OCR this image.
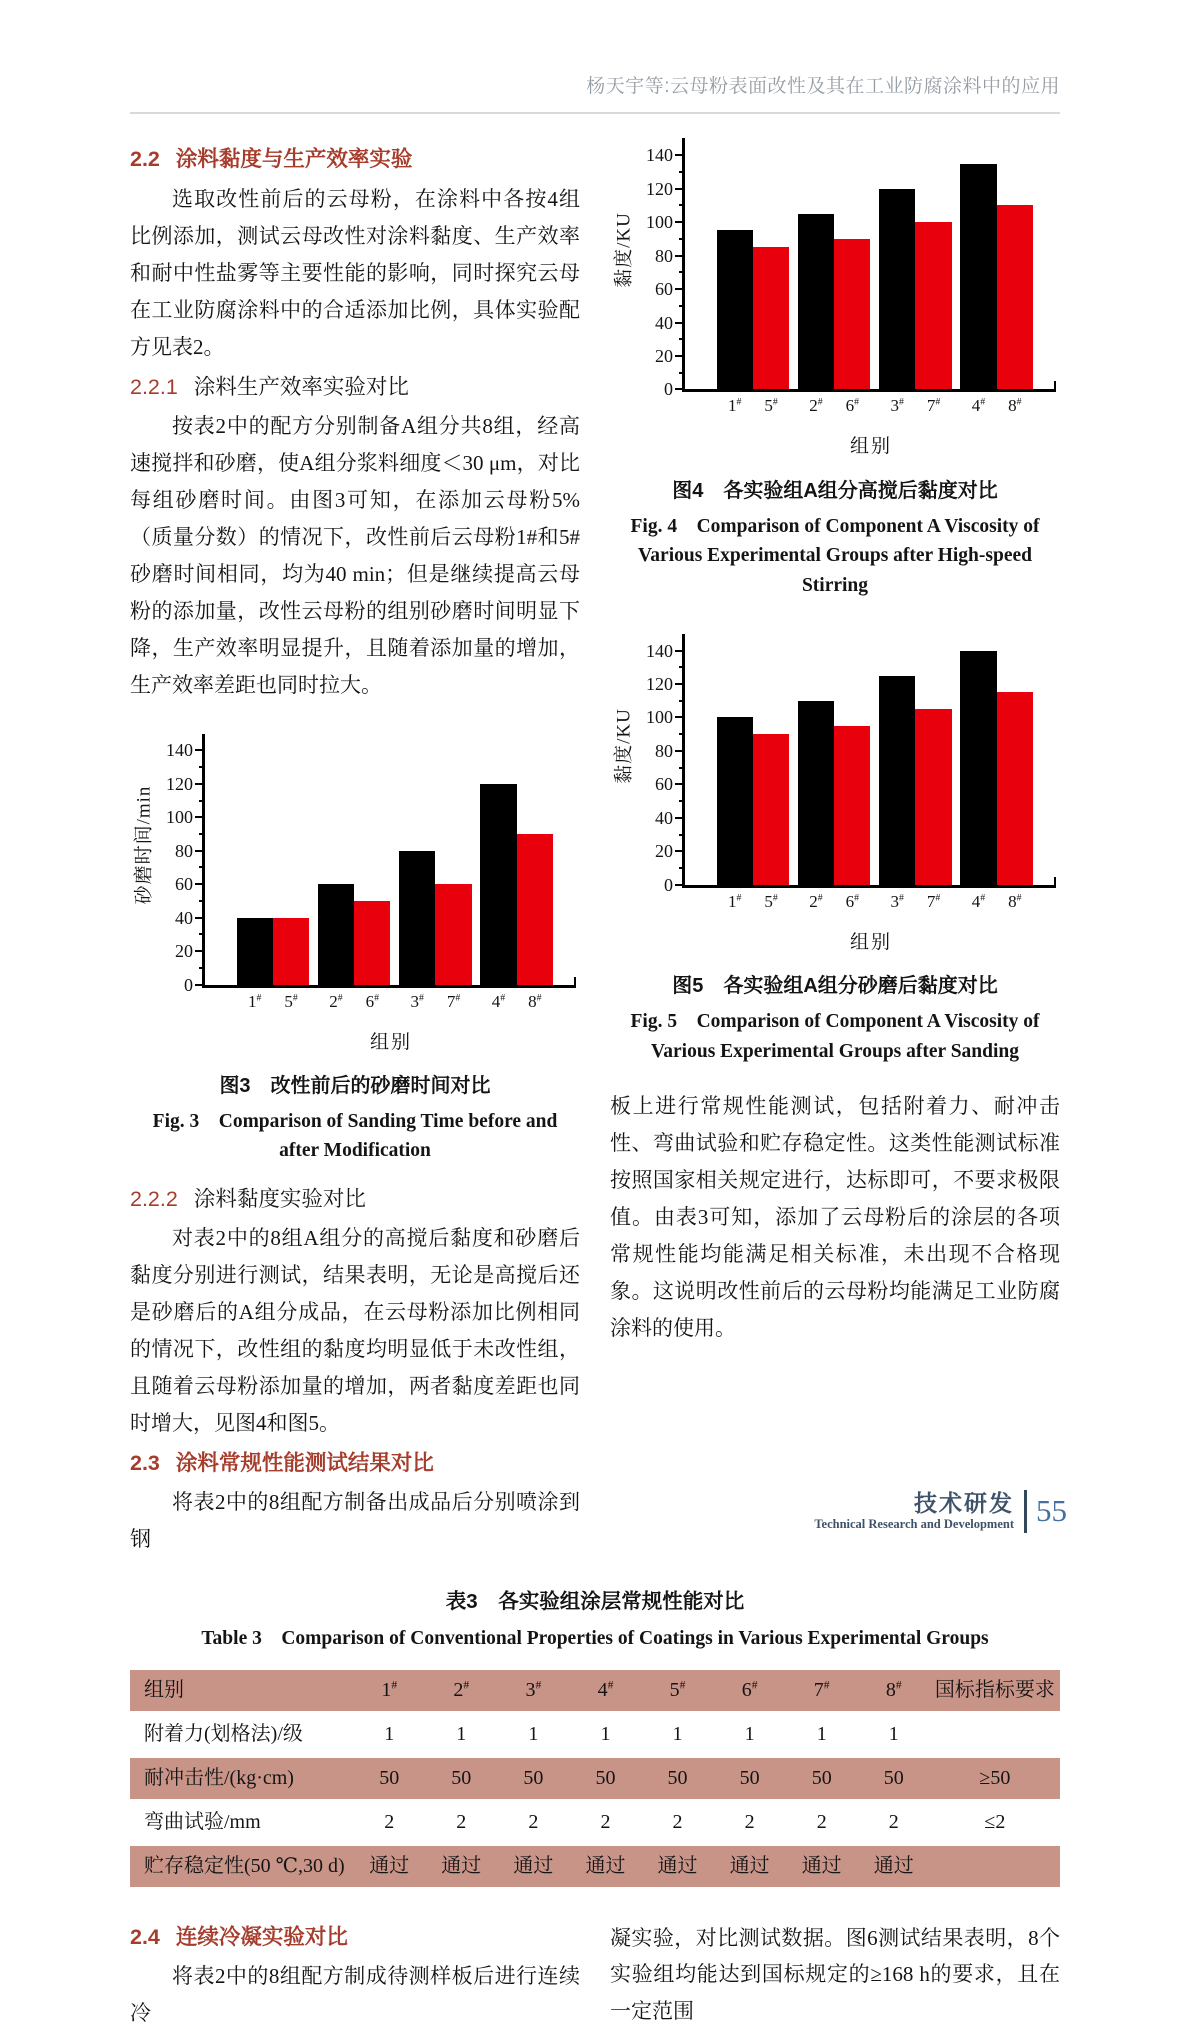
杨天宇等:云母粉表面改性及其在工业防腐涂料中的应用
2.2 涂料黏度与生产效率实验

选取改性前后的云母粉，在涂料中各按4组比例添加，测试云母改性对涂料黏度、生产效率和耐中性盐雾等主要性能的影响，同时探究云母在工业防腐涂料中的合适添加比例，具体实验配方见表2。

2.2.1 涂料生产效率实验对比

按表2中的配方分别制备A组分共8组，经高速搅拌和砂磨，使A组分浆料细度＜30 μm，对比每组砂磨时间。由图3可知，在添加云母粉5%（质量分数）的情况下，改性前后云母粉1#和5#砂磨时间相同，均为40 min；但是继续提高云母粉的添加量，改性云母粉的组别砂磨时间明显下降，生产效率明显提升，且随着添加量的增加，生产效率差距也同时拉大。

砂磨时间/min
0
20
40
60
80
100
120
140
1# 5# 2# 6# 3# 7# 4# 8#
组别
图3　改性前后的砂磨时间对比
Fig. 3　Comparison of Sanding Time before and after Modification
2.2.2 涂料黏度实验对比

对表2中的8组A组分的高搅后黏度和砂磨后黏度分别进行测试，结果表明，无论是高搅后还是砂磨后的A组分成品，在云母粉添加比例相同的情况下，改性组的黏度均明显低于未改性组，且随着云母粉添加量的增加，两者黏度差距也同时增大，见图4和图5。

2.3 涂料常规性能测试结果对比

将表2中的8组配方制备出成品后分别喷涂到钢

黏度/KU
0
20
40
60
80
100
120
140
1# 5# 2# 6# 3# 7# 4# 8#
组别
图4　各实验组A组分高搅后黏度对比
Fig. 4　Comparison of Component A Viscosity of Various Experimental Groups after High-speed Stirring
黏度/KU
0
20
40
60
80
100
120
140
1# 5# 2# 6# 3# 7# 4# 8#
组别
图5　各实验组A组分砂磨后黏度对比
Fig. 5　Comparison of Component A Viscosity of Various Experimental Groups after Sanding

板上进行常规性能测试，包括附着力、耐冲击性、弯曲试验和贮存稳定性。这类性能测试标准按照国家相关规定进行，达标即可，不要求极限值。由表3可知，添加了云母粉后的涂层的各项常规性能均能满足相关标准，未出现不合格现象。这说明改性前后的云母粉均能满足工业防腐涂料的使用。

表3　各实验组涂层常规性能对比
Table 3　Comparison of Conventional Properties of Coatings in Various Experimental Groups
组别	1#	2#	3#	4#	5#	6#	7#	8#	国标指标要求
附着力(划格法)/级	1	1	1	1	1	1	1	1	
耐冲击性/(kg·cm)	50	50	50	50	50	50	50	50	≥50
弯曲试验/mm	2	2	2	2	2	2	2	2	≤2
贮存稳定性(50 ℃,30 d)	通过	通过	通过	通过	通过	通过	通过	通过	
2.4 连续冷凝实验对比

将表2中的8组配方制成待测样板后进行连续冷

凝实验，对比测试数据。图6测试结果表明，8个实验组均能达到国标规定的≥168 h的要求，且在一定范围

技术研发
Technical Research and Development 55
